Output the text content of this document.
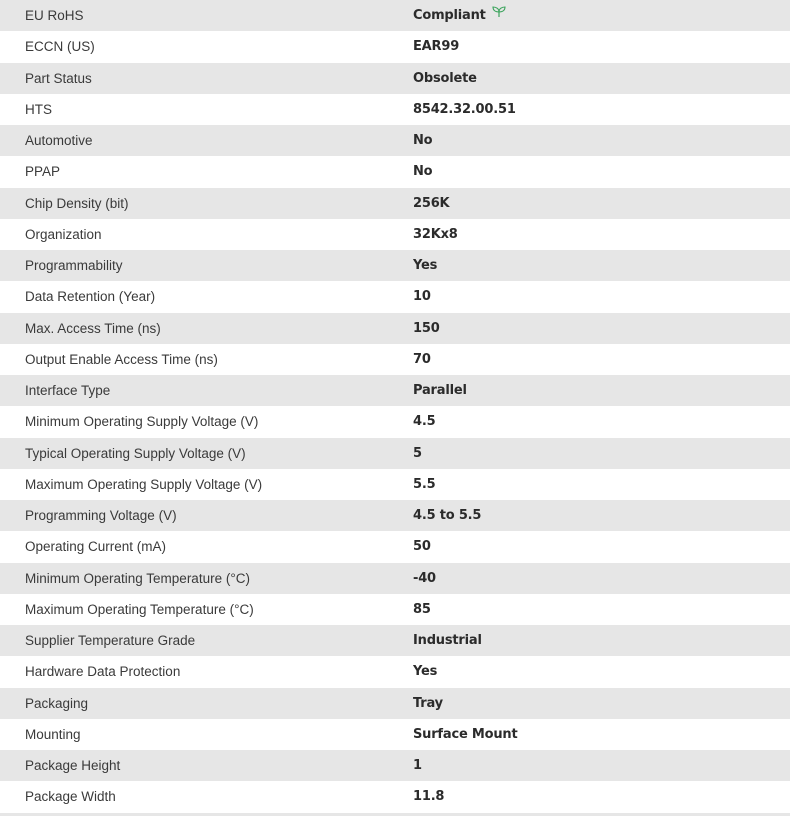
EU RoHS	Compliant
ECCN (US)	EAR99
Part Status	Obsolete
HTS	8542.32.00.51
Automotive	No
PPAP	No
Chip Density (bit)	256K
Organization	32Kx8
Programmability	Yes
Data Retention (Year)	10
Max. Access Time (ns)	150
Output Enable Access Time (ns)	70
Interface Type	Parallel
Minimum Operating Supply Voltage (V)	4.5
Typical Operating Supply Voltage (V)	5
Maximum Operating Supply Voltage (V)	5.5
Programming Voltage (V)	4.5 to 5.5
Operating Current (mA)	50
Minimum Operating Temperature (°C)	-40
Maximum Operating Temperature (°C)	85
Supplier Temperature Grade	Industrial
Hardware Data Protection	Yes
Packaging	Tray
Mounting	Surface Mount
Package Height	1
Package Width	11.8
